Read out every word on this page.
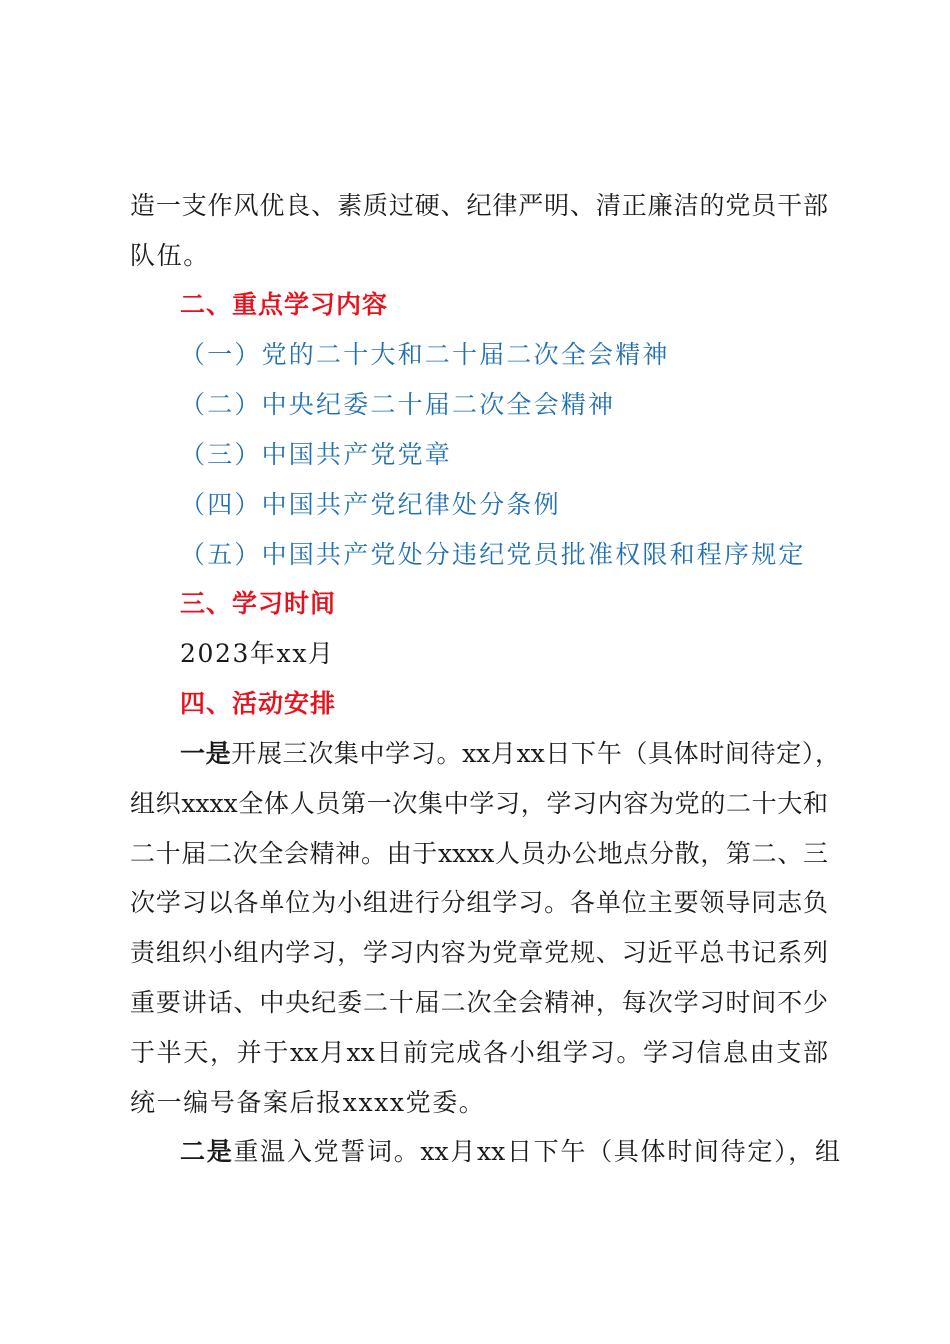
造一支作风优良、素质过硬、纪律严明、清正廉洁的党员干部
队伍。
二、重点学习内容
（一）党的二十大和二十届二次全会精神
（二）中央纪委二十届二次全会精神
（三）中国共产党党章
（四）中国共产党纪律处分条例
（五）中国共产党处分违纪党员批准权限和程序规定
三、学习时间
2023年xx月
四、活动安排
一是开展三次集中学习。xx月xx日下午（具体时间待定），
组织xxxx全体人员第一次集中学习，学习内容为党的二十大和
二十届二次全会精神。由于xxxx人员办公地点分散，第二、三
次学习以各单位为小组进行分组学习。各单位主要领导同志负
责组织小组内学习，学习内容为党章党规、习近平总书记系列
重要讲话、中央纪委二十届二次全会精神，每次学习时间不少
于半天，并于xx月xx日前完成各小组学习。学习信息由支部
统一编号备案后报xxxx党委。
二是重温入党誓词。xx月xx日下午（具体时间待定），组
